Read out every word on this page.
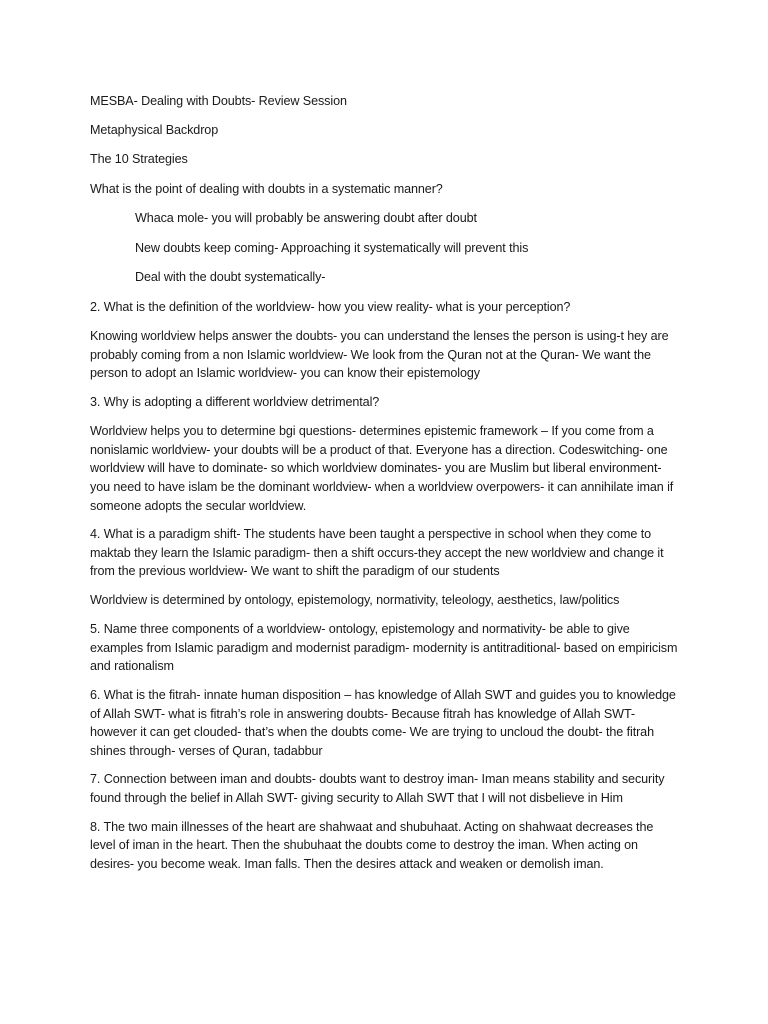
MESBA- Dealing with Doubts- Review Session

Metaphysical Backdrop

The 10 Strategies

What is the point of dealing with doubts in a systematic manner?

Whaca mole- you will probably be answering doubt after doubt

New doubts keep coming- Approaching it systematically will prevent this

Deal with the doubt systematically-

2. What is the definition of the worldview- how you view reality- what is your perception?

Knowing worldview helps answer the doubts- you can understand the lenses the person is using-t hey are probably coming from a non Islamic worldview- We look from the Quran not at the Quran- We want the person to adopt an Islamic worldview- you can know their epistemology

3. Why is adopting a different worldview detrimental?

Worldview helps you to determine bgi questions- determines epistemic framework – If you come from a nonislamic worldview- your doubts will be a product of that. Everyone has a direction. Codeswitching- one worldview will have to dominate- so which worldview dominates- you are Muslim but liberal environment- you need to have islam be the dominant worldview- when a worldview overpowers- it can annihilate iman if someone adopts the secular worldview.

4. What is a paradigm shift- The students have been taught a perspective in school when they come to maktab they learn the Islamic paradigm- then a shift occurs-they accept the new worldview and change it from the previous worldview- We want to shift the paradigm of our students

Worldview is determined by ontology, epistemology, normativity, teleology, aesthetics, law/politics

5. Name three components of a worldview- ontology, epistemology and normativity- be able to give examples from Islamic paradigm and modernist paradigm- modernity is antitraditional- based on empiricism and rationalism

6. What is the fitrah- innate human disposition – has knowledge of Allah SWT and guides you to knowledge of Allah SWT- what is fitrah’s role in answering doubts- Because fitrah has knowledge of Allah SWT- however it can get clouded- that’s when the doubts come- We are trying to uncloud the doubt- the fitrah shines through- verses of Quran, tadabbur

7. Connection between iman and doubts- doubts want to destroy iman- Iman means stability and security found through the belief in Allah SWT- giving security to Allah SWT that I will not disbelieve in Him

8. The two main illnesses of the heart are shahwaat and shubuhaat. Acting on shahwaat decreases the level of iman in the heart. Then the shubuhaat the doubts come to destroy the iman. When acting on desires- you become weak. Iman falls. Then the desires attack and weaken or demolish iman.
